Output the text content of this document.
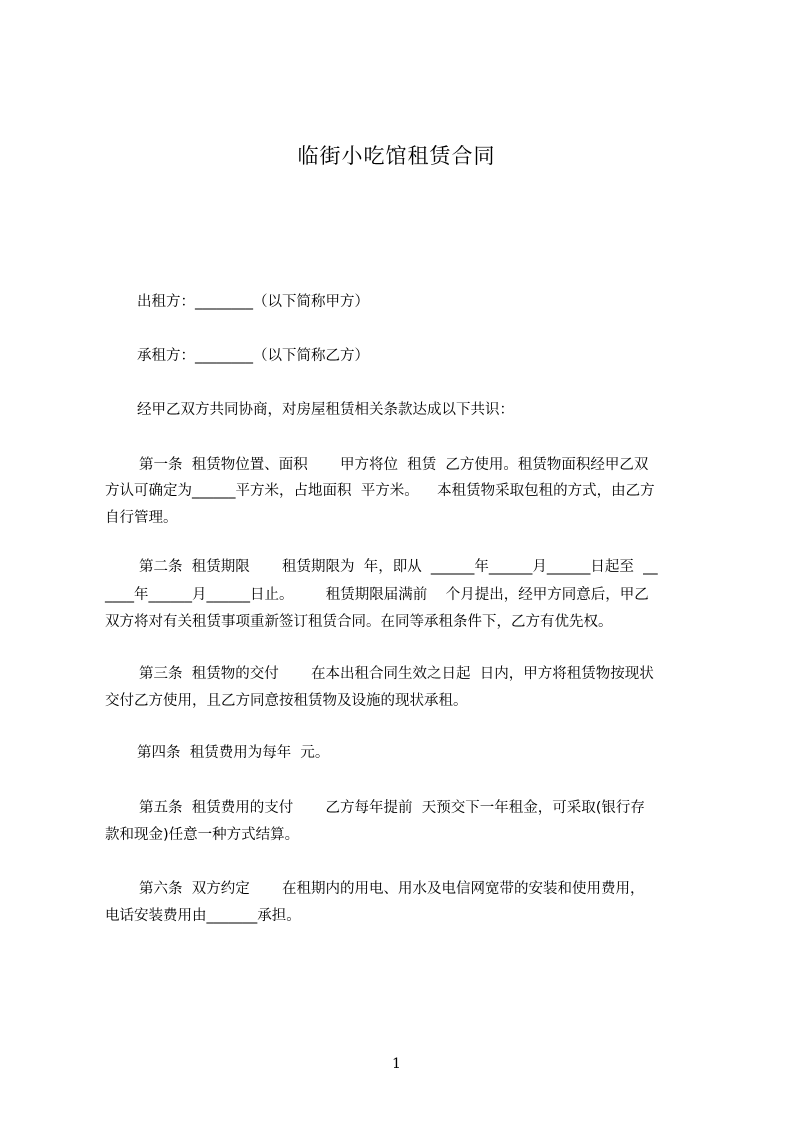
临街小吃馆租赁合同
出租方：________（以下简称甲方）
承租方：________（以下简称乙方）
经甲乙双方共同协商，对房屋租赁相关条款达成以下共识：
第一条  租赁物位置、面积       甲方将位  租赁  乙方使用。租赁物面积经甲乙双
方认可确定为______平方米，占地面积  平方米。    本租赁物采取包租的方式，由乙方
自行管理。
第二条  租赁期限       租赁期限为  年，即从  ______年______月______日起至  __
____年______月______日止。       租赁期限届满前    个月提出，经甲方同意后，甲乙
双方将对有关租赁事项重新签订租赁合同。在同等承租条件下，乙方有优先权。
第三条  租赁物的交付       在本出租合同生效之日起  日内，甲方将租赁物按现状
交付乙方使用，且乙方同意按租赁物及设施的现状承租。
第四条  租赁费用为每年  元。
第五条  租赁费用的支付       乙方每年提前  天预交下一年租金，可采取(银行存
款和现金)任意一种方式结算。
第六条  双方约定       在租期内的用电、用水及电信网宽带的安装和使用费用，
电话安装费用由_______承担。
1
